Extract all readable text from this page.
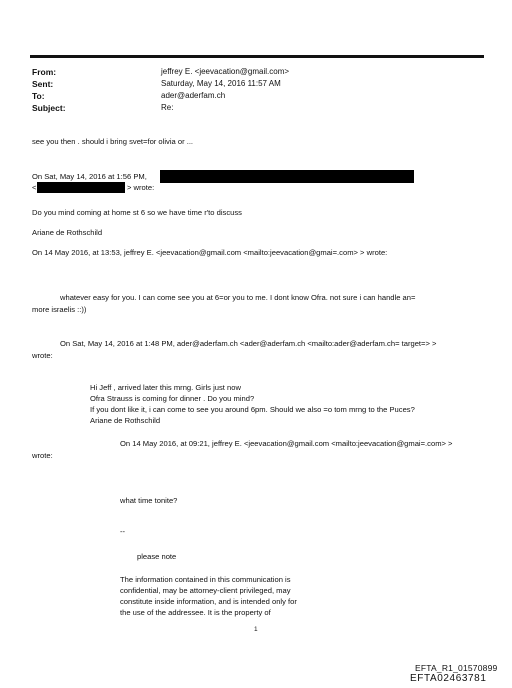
From:	jeffrey E. <jeevacation@gmail.com>
Sent:	Saturday, May 14, 2016 11:57 AM
To:	ader@aderfam.ch
Subject:	Re:
see you then . should i bring svet=for olivia or ...
On Sat, May 14, 2016 at 1:56 PM,
<	> wrote:
Do you mind coming at home st 6 so we have time r'to discuss
Ariane de Rothschild
On 14 May 2016, at 13:53, jeffrey E. <jeevacation@gmail.com <mailto:jeevacation@gmai=.com> > wrote:
whatever easy for you. I can come see you at 6=or you to me. I dont know Ofra. not sure i can handle an=
more israelis ::))
On Sat, May 14, 2016 at 1:48 PM, ader@aderfam.ch <ader@aderfam.ch <mailto:ader@aderfam.ch= target=> >
wrote:
Hi Jeff , arrived later this mrng. Girls just now
Ofra Strauss is coming for dinner . Do you mind?
If you dont like it, i can come to see you around 6pm. Should we also =o tom mrng to the Puces?
Ariane de Rothschild
On 14 May 2016, at 09:21, jeffrey E. <jeevacation@gmail.com <mailto:jeevacation@gmai=.com> >
wrote:
what time tonite?
--
please note
The information contained in this communication is
confidential, may be attorney-client privileged, may
constitute inside information, and is intended only for
the use of the addressee. It is the property of
1
EFTA_R1_01570899
EFTA02463781
